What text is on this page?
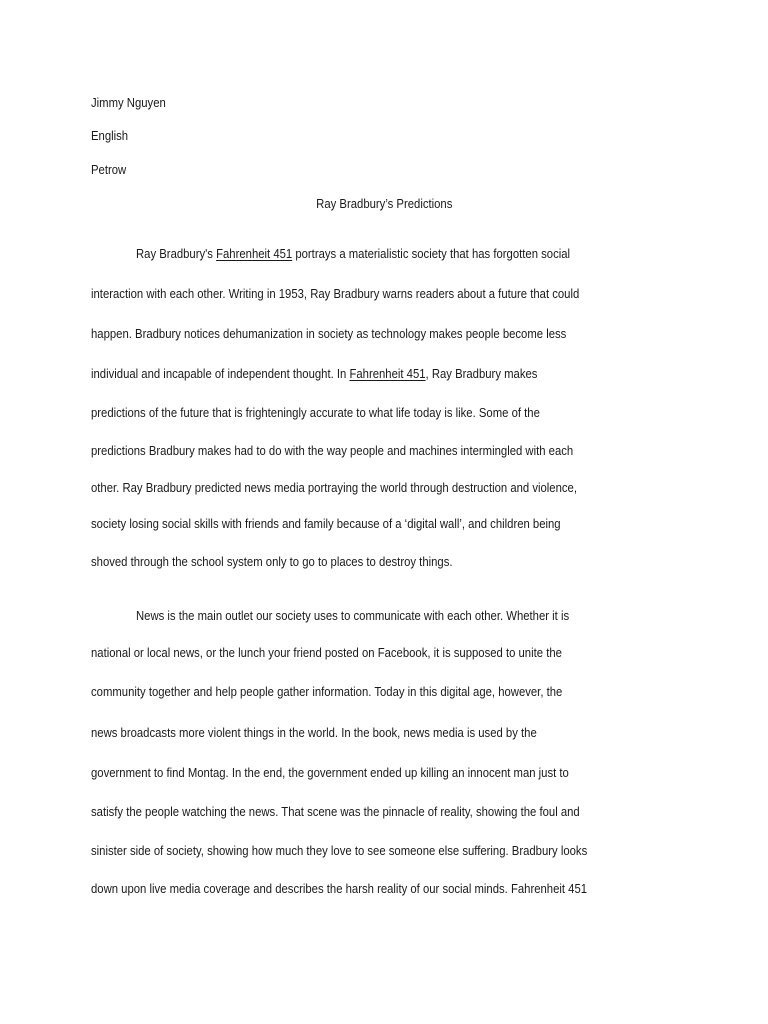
Jimmy Nguyen
English
Petrow
Ray Bradbury’s Predictions
Ray Bradbury's Fahrenheit 451 portrays a materialistic society that has forgotten social
interaction with each other. Writing in 1953, Ray Bradbury warns readers about a future that could
happen. Bradbury notices dehumanization in society as technology makes people become less
individual and incapable of independent thought. In Fahrenheit 451, Ray Bradbury makes
predictions of the future that is frighteningly accurate to what life today is like. Some of the
predictions Bradbury makes had to do with the way people and machines intermingled with each
other. Ray Bradbury predicted news media portraying the world through destruction and violence,
society losing social skills with friends and family because of a ‘digital wall’, and children being
shoved through the school system only to go to places to destroy things.
News is the main outlet our society uses to communicate with each other. Whether it is
national or local news, or the lunch your friend posted on Facebook, it is supposed to unite the
community together and help people gather information. Today in this digital age, however, the
news broadcasts more violent things in the world. In the book, news media is used by the
government to find Montag. In the end, the government ended up killing an innocent man just to
satisfy the people watching the news. That scene was the pinnacle of reality, showing the foul and
sinister side of society, showing how much they love to see someone else suffering. Bradbury looks
down upon live media coverage and describes the harsh reality of our social minds. Fahrenheit 451
